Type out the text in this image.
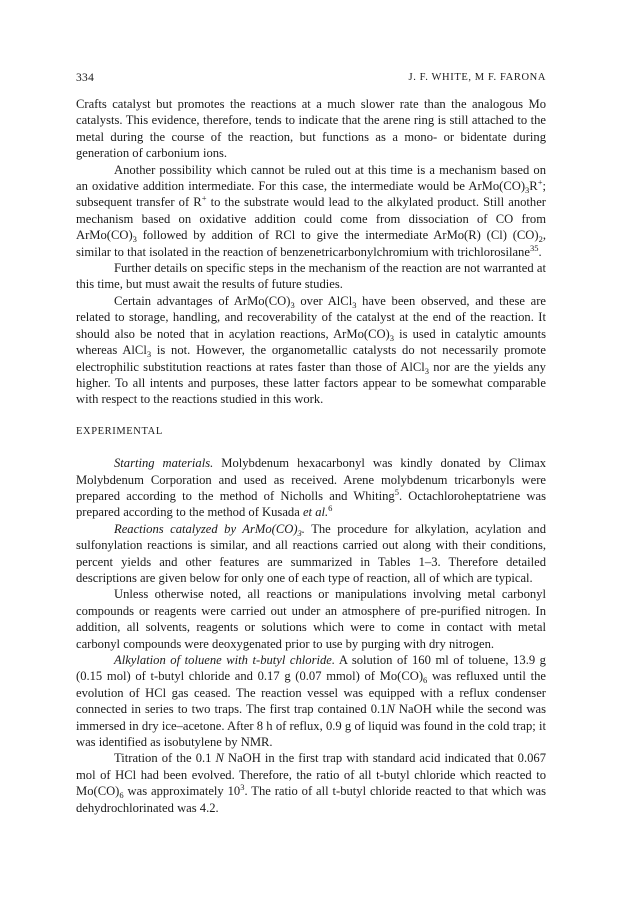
334	J. F. WHITE, M F. FARONA

Crafts catalyst but promotes the reactions at a much slower rate than the analogous Mo catalysts. This evidence, therefore, tends to indicate that the arene ring is still attached to the metal during the course of the reaction, but functions as a mono- or bidentate during generation of carbonium ions.

Another possibility which cannot be ruled out at this time is a mechanism based on an oxidative addition intermediate. For this case, the intermediate would be $ArMo(CO)_3R^+$; subsequent transfer of R+ to the substrate would lead to the alkylated product. Still another mechanism based on oxidative addition could come from dissociation of CO from $ArMo(CO)_3$ followed by addition of RCl to give the intermediate ArMo(R) (Cl) $(CO)_2$, similar to that isolated in the reaction of benzenetricarbonylchromium with trichlorosilane$^{35}$.

Further details on specific steps in the mechanism of the reaction are not warranted at this time, but must await the results of future studies.

Certain advantages of $ArMo(CO)_3$ over AlCl$_3$ have been observed, and these are related to storage, handling, and recoverability of the catalyst at the end of the reaction. It should also be noted that in acylation reactions, $ArMo(CO)_3$ is used in catalytic amounts whereas AlCl$_3$ is not. However, the organometallic catalysts do not necessarily promote electrophilic substitution reactions at rates faster than those of AlCl$_3$ nor are the yields any higher. To all intents and purposes, these latter factors appear to be somewhat comparable with respect to the reactions studied in this work.

EXPERIMENTAL

Starting materials. Molybdenum hexacarbonyl was kindly donated by Climax Molybdenum Corporation and used as received. Arene molybdenum tricarbonyls were prepared according to the method of Nicholls and Whiting$^5$. Octachloroheptatriene was prepared according to the method of Kusada et al.$^6$

Reactions catalyzed by $ArMo(CO)_3$. The procedure for alkylation, acylation and sulfonylation reactions is similar, and all reactions carried out along with their conditions, percent yields and other features are summarized in Tables 1–3. Therefore detailed descriptions are given below for only one of each type of reaction, all of which are typical.

Unless otherwise noted, all reactions or manipulations involving metal carbonyl compounds or reagents were carried out under an atmosphere of pre-purified nitrogen. In addition, all solvents, reagents or solutions which were to come in contact with metal carbonyl compounds were deoxygenated prior to use by purging with dry nitrogen.

Alkylation of toluene with t-butyl chloride. A solution of 160 ml of toluene, 13.9 g (0.15 mol) of t-butyl chloride and 0.17 g (0.07 mmol) of $Mo(CO)_6$ was refluxed until the evolution of HCl gas ceased. The reaction vessel was equipped with a reflux condenser connected in series to two traps. The first trap contained 0.1N NaOH while the second was immersed in dry ice–acetone. After 8 h of reflux, 0.9 g of liquid was found in the cold trap; it was identified as isobutylene by NMR.

Titration of the 0.1 N NaOH in the first trap with standard acid indicated that 0.067 mol of HCl had been evolved. Therefore, the ratio of all t-butyl chloride which reacted to $Mo(CO)_6$ was approximately $10^3$. The ratio of all t-butyl chloride reacted to that which was dehydrochlorinated was 4.2.
